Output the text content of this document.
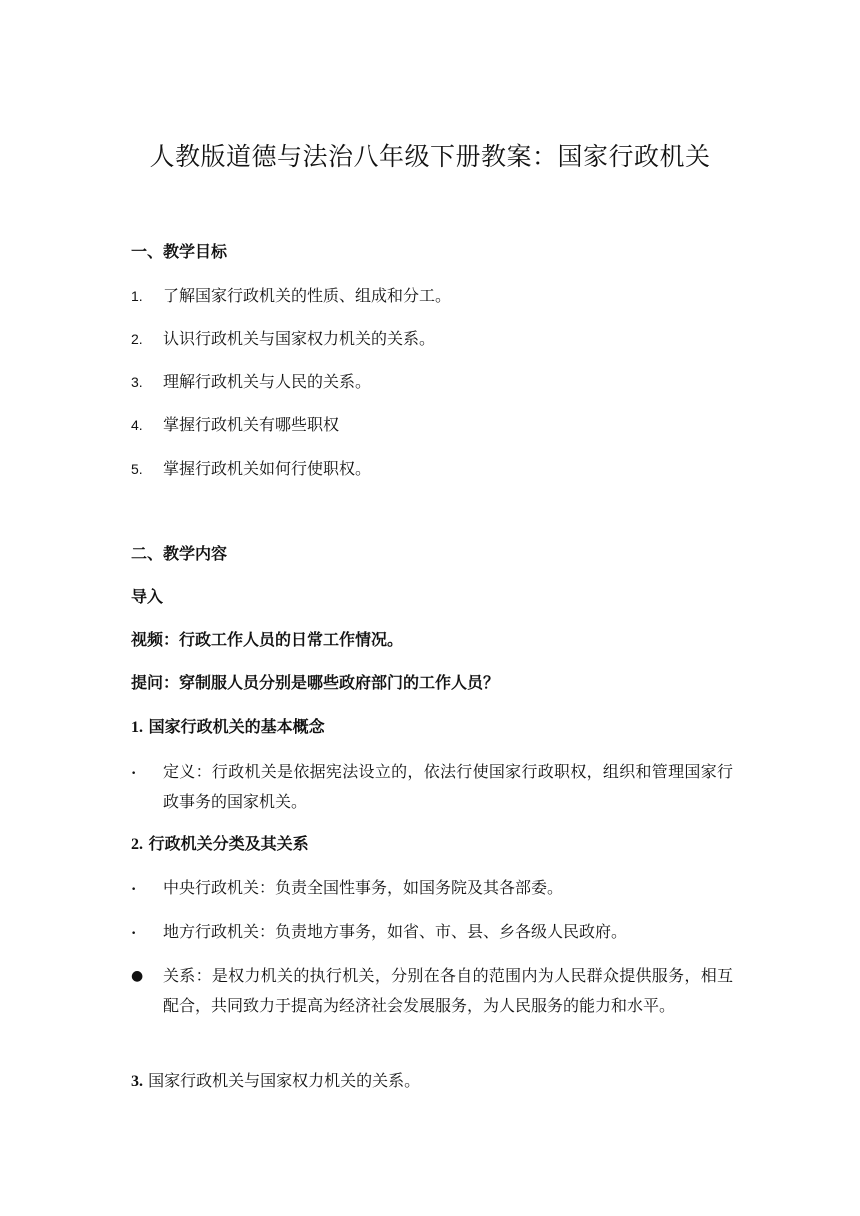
人教版道德与法治八年级下册教案：国家行政机关
一、教学目标
1.	了解国家行政机关的性质、组成和分工。
2.	认识行政机关与国家权力机关的关系。
3.	理解行政机关与人民的关系。
4.	掌握行政机关有哪些职权
5.	掌握行政机关如何行使职权。
二、教学内容
导入
视频：行政工作人员的日常工作情况。
提问：穿制服人员分别是哪些政府部门的工作人员？
1. 国家行政机关的基本概念
•	定义：行政机关是依据宪法设立的，依法行使国家行政职权，组织和管理国家行政事务的国家机关。
2. 行政机关分类及其关系
•	中央行政机关：负责全国性事务，如国务院及其各部委。
•	地方行政机关：负责地方事务，如省、市、县、乡各级人民政府。
●	关系：是权力机关的执行机关，分别在各自的范围内为人民群众提供服务，相互配合，共同致力于提高为经济社会发展服务，为人民服务的能力和水平。
3. 国家行政机关与国家权力机关的关系。
